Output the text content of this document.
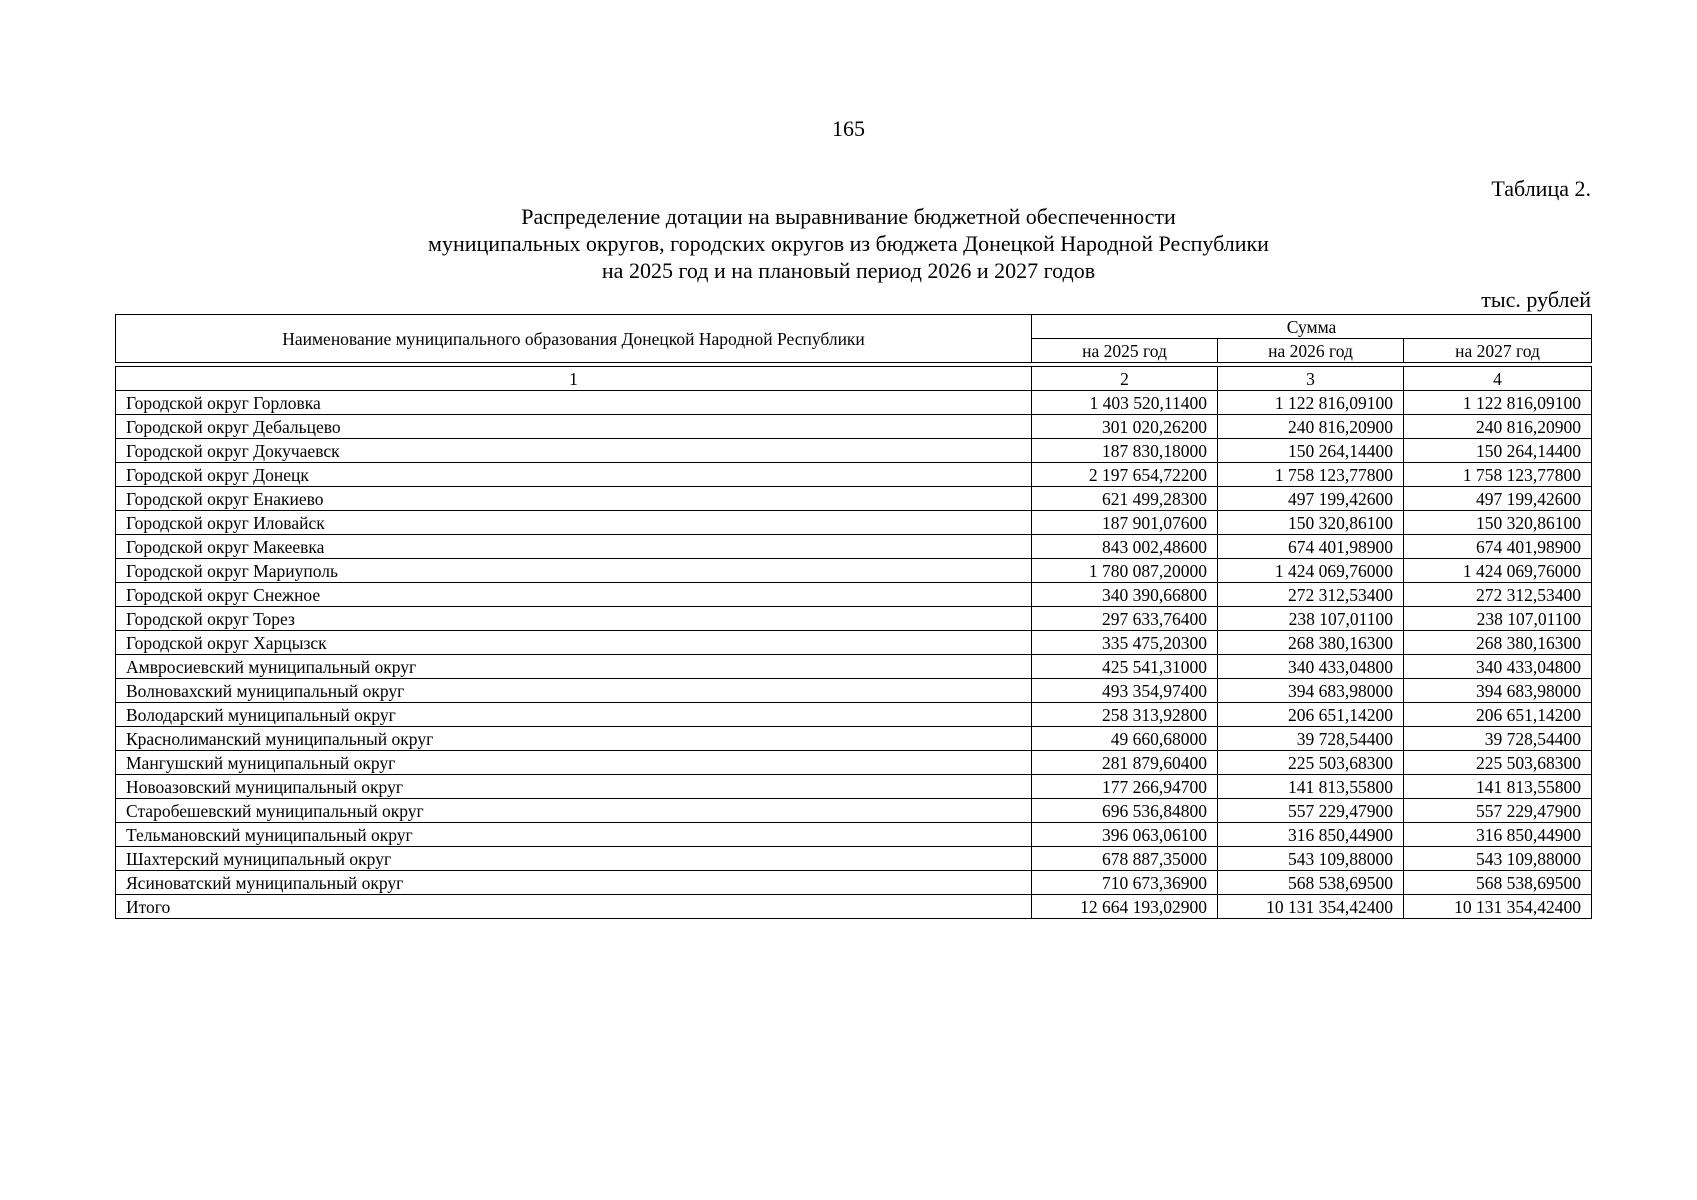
165
Таблица 2.
Распределение дотации на выравнивание бюджетной обеспеченности
муниципальных округов, городских округов из бюджета Донецкой Народной Республики
на 2025 год и на плановый период 2026 и 2027 годов
тыс. рублей
Наименование муниципального образования Донецкой Народной Республики	Сумма		
	на 2025 год	на 2026 год	на 2027 год

1	2	3	4
Городской округ Горловка	1 403 520,11400	1 122 816,09100	1 122 816,09100
Городской округ Дебальцево	301 020,26200	240 816,20900	240 816,20900
Городской округ Докучаевск	187 830,18000	150 264,14400	150 264,14400
Городской округ Донецк	2 197 654,72200	1 758 123,77800	1 758 123,77800
Городской округ Енакиево	621 499,28300	497 199,42600	497 199,42600
Городской округ Иловайск	187 901,07600	150 320,86100	150 320,86100
Городской округ Макеевка	843 002,48600	674 401,98900	674 401,98900
Городской округ Мариуполь	1 780 087,20000	1 424 069,76000	1 424 069,76000
Городской округ Снежное	340 390,66800	272 312,53400	272 312,53400
Городской округ Торез	297 633,76400	238 107,01100	238 107,01100
Городской округ Харцызск	335 475,20300	268 380,16300	268 380,16300
Амвросиевский муниципальный округ	425 541,31000	340 433,04800	340 433,04800
Волновахский муниципальный округ	493 354,97400	394 683,98000	394 683,98000
Володарский муниципальный округ	258 313,92800	206 651,14200	206 651,14200
Краснолиманский муниципальный округ	49 660,68000	39 728,54400	39 728,54400
Мангушский муниципальный округ	281 879,60400	225 503,68300	225 503,68300
Новоазовский муниципальный округ	177 266,94700	141 813,55800	141 813,55800
Старобешевский муниципальный округ	696 536,84800	557 229,47900	557 229,47900
Тельмановский муниципальный округ	396 063,06100	316 850,44900	316 850,44900
Шахтерский муниципальный округ	678 887,35000	543 109,88000	543 109,88000
Ясиноватский муниципальный округ	710 673,36900	568 538,69500	568 538,69500
Итого	12 664 193,02900	10 131 354,42400	10 131 354,42400
